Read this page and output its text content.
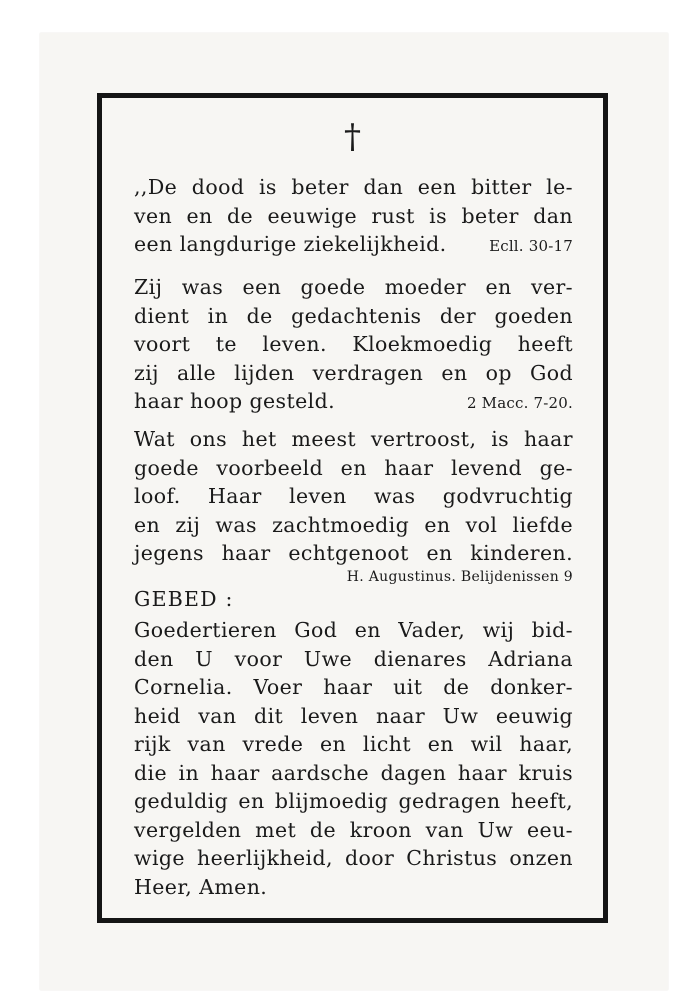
†
,,De dood is beter dan een bitter le-
ven en de eeuwige rust is beter dan
een langdurige ziekelijkheid.	Ecll. 30-17
Zij was een goede moeder en ver-
dient in de gedachtenis der goeden
voort te leven. Kloekmoedig heeft
zij alle lijden verdragen en op God
haar hoop gesteld.	2 Macc. 7-20.
Wat ons het meest vertroost, is haar
goede voorbeeld en haar levend ge-
loof. Haar leven was godvruchtig
en zij was zachtmoedig en vol liefde
jegens haar echtgenoot en kinderen.
H. Augustinus. Belijdenissen 9
GEBED :
Goedertieren God en Vader, wij bid-
den U voor Uwe dienares Adriana
Cornelia. Voer haar uit de donker-
heid van dit leven naar Uw eeuwig
rijk van vrede en licht en wil haar,
die in haar aardsche dagen haar kruis
geduldig en blijmoedig gedragen heeft,
vergelden met de kroon van Uw eeu-
wige heerlijkheid, door Christus onzen
Heer, Amen.
